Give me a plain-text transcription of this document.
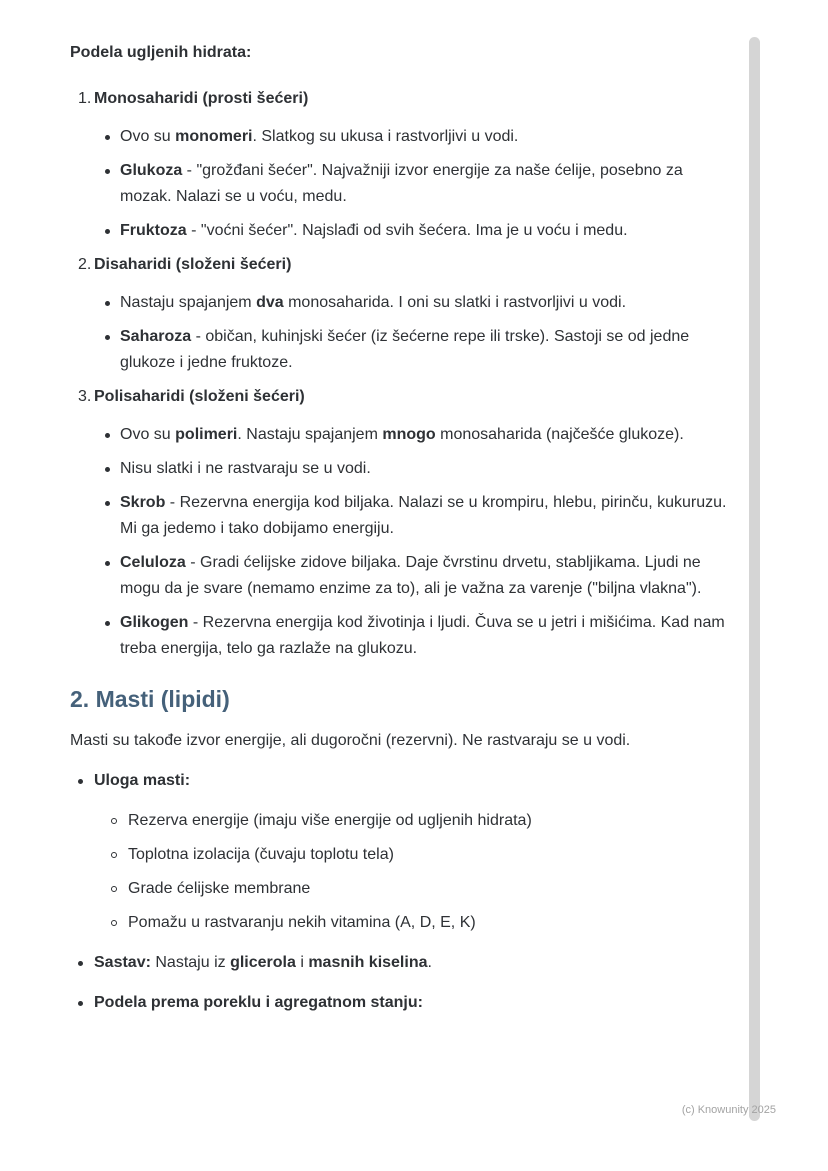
Podela ugljenih hidrata:
1. Monosaharidi (prosti šećeri)
Ovo su monomeri. Slatkog su ukusa i rastvorljivi u vodi.
Glukoza - "grožđani šećer". Najvažniji izvor energije za naše ćelije, posebno za mozak. Nalazi se u voću, medu.
Fruktoza - "voćni šećer". Najslađi od svih šećera. Ima je u voću i medu.
2. Disaharidi (složeni šećeri)
Nastaju spajanjem dva monosaharida. I oni su slatki i rastvorljivi u vodi.
Saharoza - običan, kuhinjski šećer (iz šećerne repe ili trske). Sastoji se od jedne glukoze i jedne fruktoze.
3. Polisaharidi (složeni šećeri)
Ovo su polimeri. Nastaju spajanjem mnogo monosaharida (najčešće glukoze).
Nisu slatki i ne rastvaraju se u vodi.
Skrob - Rezervna energija kod biljaka. Nalazi se u krompiru, hlebu, pirinču, kukuruzu. Mi ga jedemo i tako dobijamo energiju.
Celuloza - Gradi ćelijske zidove biljaka. Daje čvrstinu drvetu, stabljikama. Ljudi ne mogu da je svare (nemamo enzime za to), ali je važna za varenje ("biljna vlakna").
Glikogen - Rezervna energija kod životinja i ljudi. Čuva se u jetri i mišićima. Kad nam treba energija, telo ga razlaže na glukozu.
2. Masti (lipidi)

Masti su takođe izvor energije, ali dugoročni (rezervni). Ne rastvaraju se u vodi.

Uloga masti:
Rezerva energije (imaju više energije od ugljenih hidrata)
Toplotna izolacija (čuvaju toplotu tela)
Grade ćelijske membrane
Pomažu u rastvaranju nekih vitamina (A, D, E, K)
Sastav: Nastaju iz glicerola i masnih kiselina.
Podela prema poreklu i agregatnom stanju:
(c) Knowunity 2025
